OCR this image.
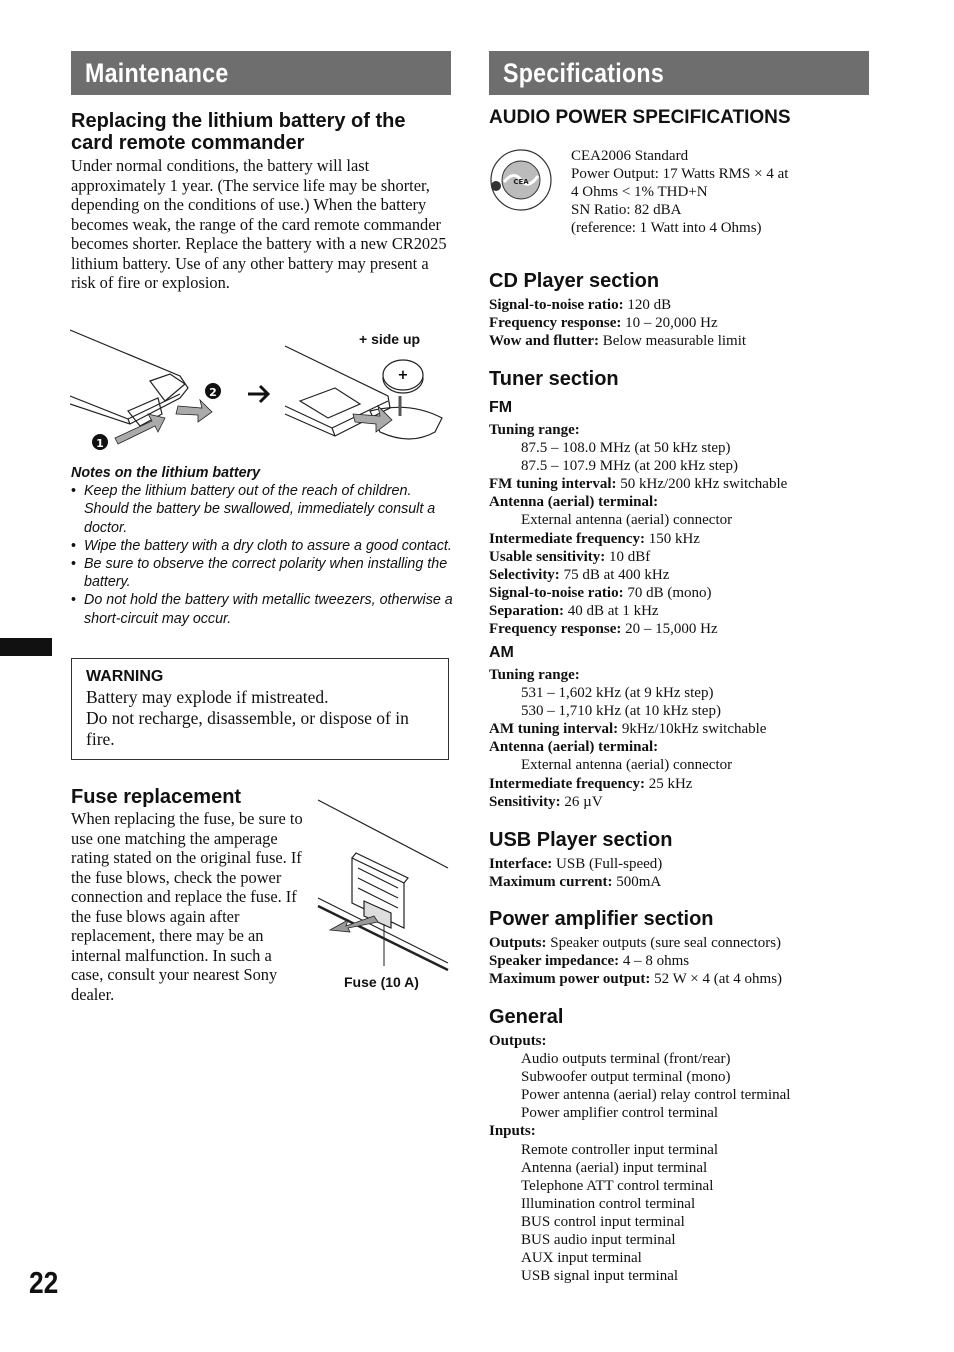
Maintenance
Replacing the lithium battery of the card remote commander
Under normal conditions, the battery will last approximately 1 year. (The service life may be shorter, depending on the conditions of use.) When the battery becomes weak, the range of the card remote commander becomes shorter. Replace the battery with a new CR2025 lithium battery. Use of any other battery may present a risk of fire or explosion.
+
1
2
+ side up
Notes on the lithium battery
• Keep the lithium battery out of the reach of children. Should the battery be swallowed, immediately consult a doctor.
• Wipe the battery with a dry cloth to assure a good contact.
• Be sure to observe the correct polarity when installing the battery.
• Do not hold the battery with metallic tweezers, otherwise a short-circuit may occur.
WARNING
Battery may explode if mistreated.
Do not recharge, disassemble, or dispose of in fire.
Fuse replacement
When replacing the fuse, be sure to use one matching the amperage rating stated on the original fuse. If the fuse blows, check the power connection and replace the fuse. If the fuse blows again after replacement, there may be an internal malfunction. In such a case, consult your nearest Sony dealer.
Fuse (10 A)
22
Specifications
AUDIO POWER SPECIFICATIONS
CEA
CEA2006 Standard
Power Output: 17 Watts RMS × 4 at
4 Ohms < 1% THD+N
SN Ratio: 82 dBA
(reference: 1 Watt into 4 Ohms)
CD Player section
Signal-to-noise ratio: 120 dB
Frequency response: 10 – 20,000 Hz
Wow and flutter: Below measurable limit
Tuner section
FM
Tuning range:
87.5 – 108.0 MHz (at 50 kHz step)
87.5 – 107.9 MHz (at 200 kHz step)
FM tuning interval: 50 kHz/200 kHz switchable
Antenna (aerial) terminal:
External antenna (aerial) connector
Intermediate frequency: 150 kHz
Usable sensitivity: 10 dBf
Selectivity: 75 dB at 400 kHz
Signal-to-noise ratio: 70 dB (mono)
Separation: 40 dB at 1 kHz
Frequency response: 20 – 15,000 Hz
AM
Tuning range:
531 – 1,602 kHz (at 9 kHz step)
530 – 1,710 kHz (at 10 kHz step)
AM tuning interval: 9kHz/10kHz switchable
Antenna (aerial) terminal:
External antenna (aerial) connector
Intermediate frequency: 25 kHz
Sensitivity: 26 µV
USB Player section
Interface: USB (Full-speed)
Maximum current: 500mA
Power amplifier section
Outputs: Speaker outputs (sure seal connectors)
Speaker impedance: 4 – 8 ohms
Maximum power output: 52 W × 4 (at 4 ohms)
General
Outputs:
Audio outputs terminal (front/rear)
Subwoofer output terminal (mono)
Power antenna (aerial) relay control terminal
Power amplifier control terminal
Inputs:
Remote controller input terminal
Antenna (aerial) input terminal
Telephone ATT control terminal
Illumination control terminal
BUS control input terminal
BUS audio input terminal
AUX input terminal
USB signal input terminal
